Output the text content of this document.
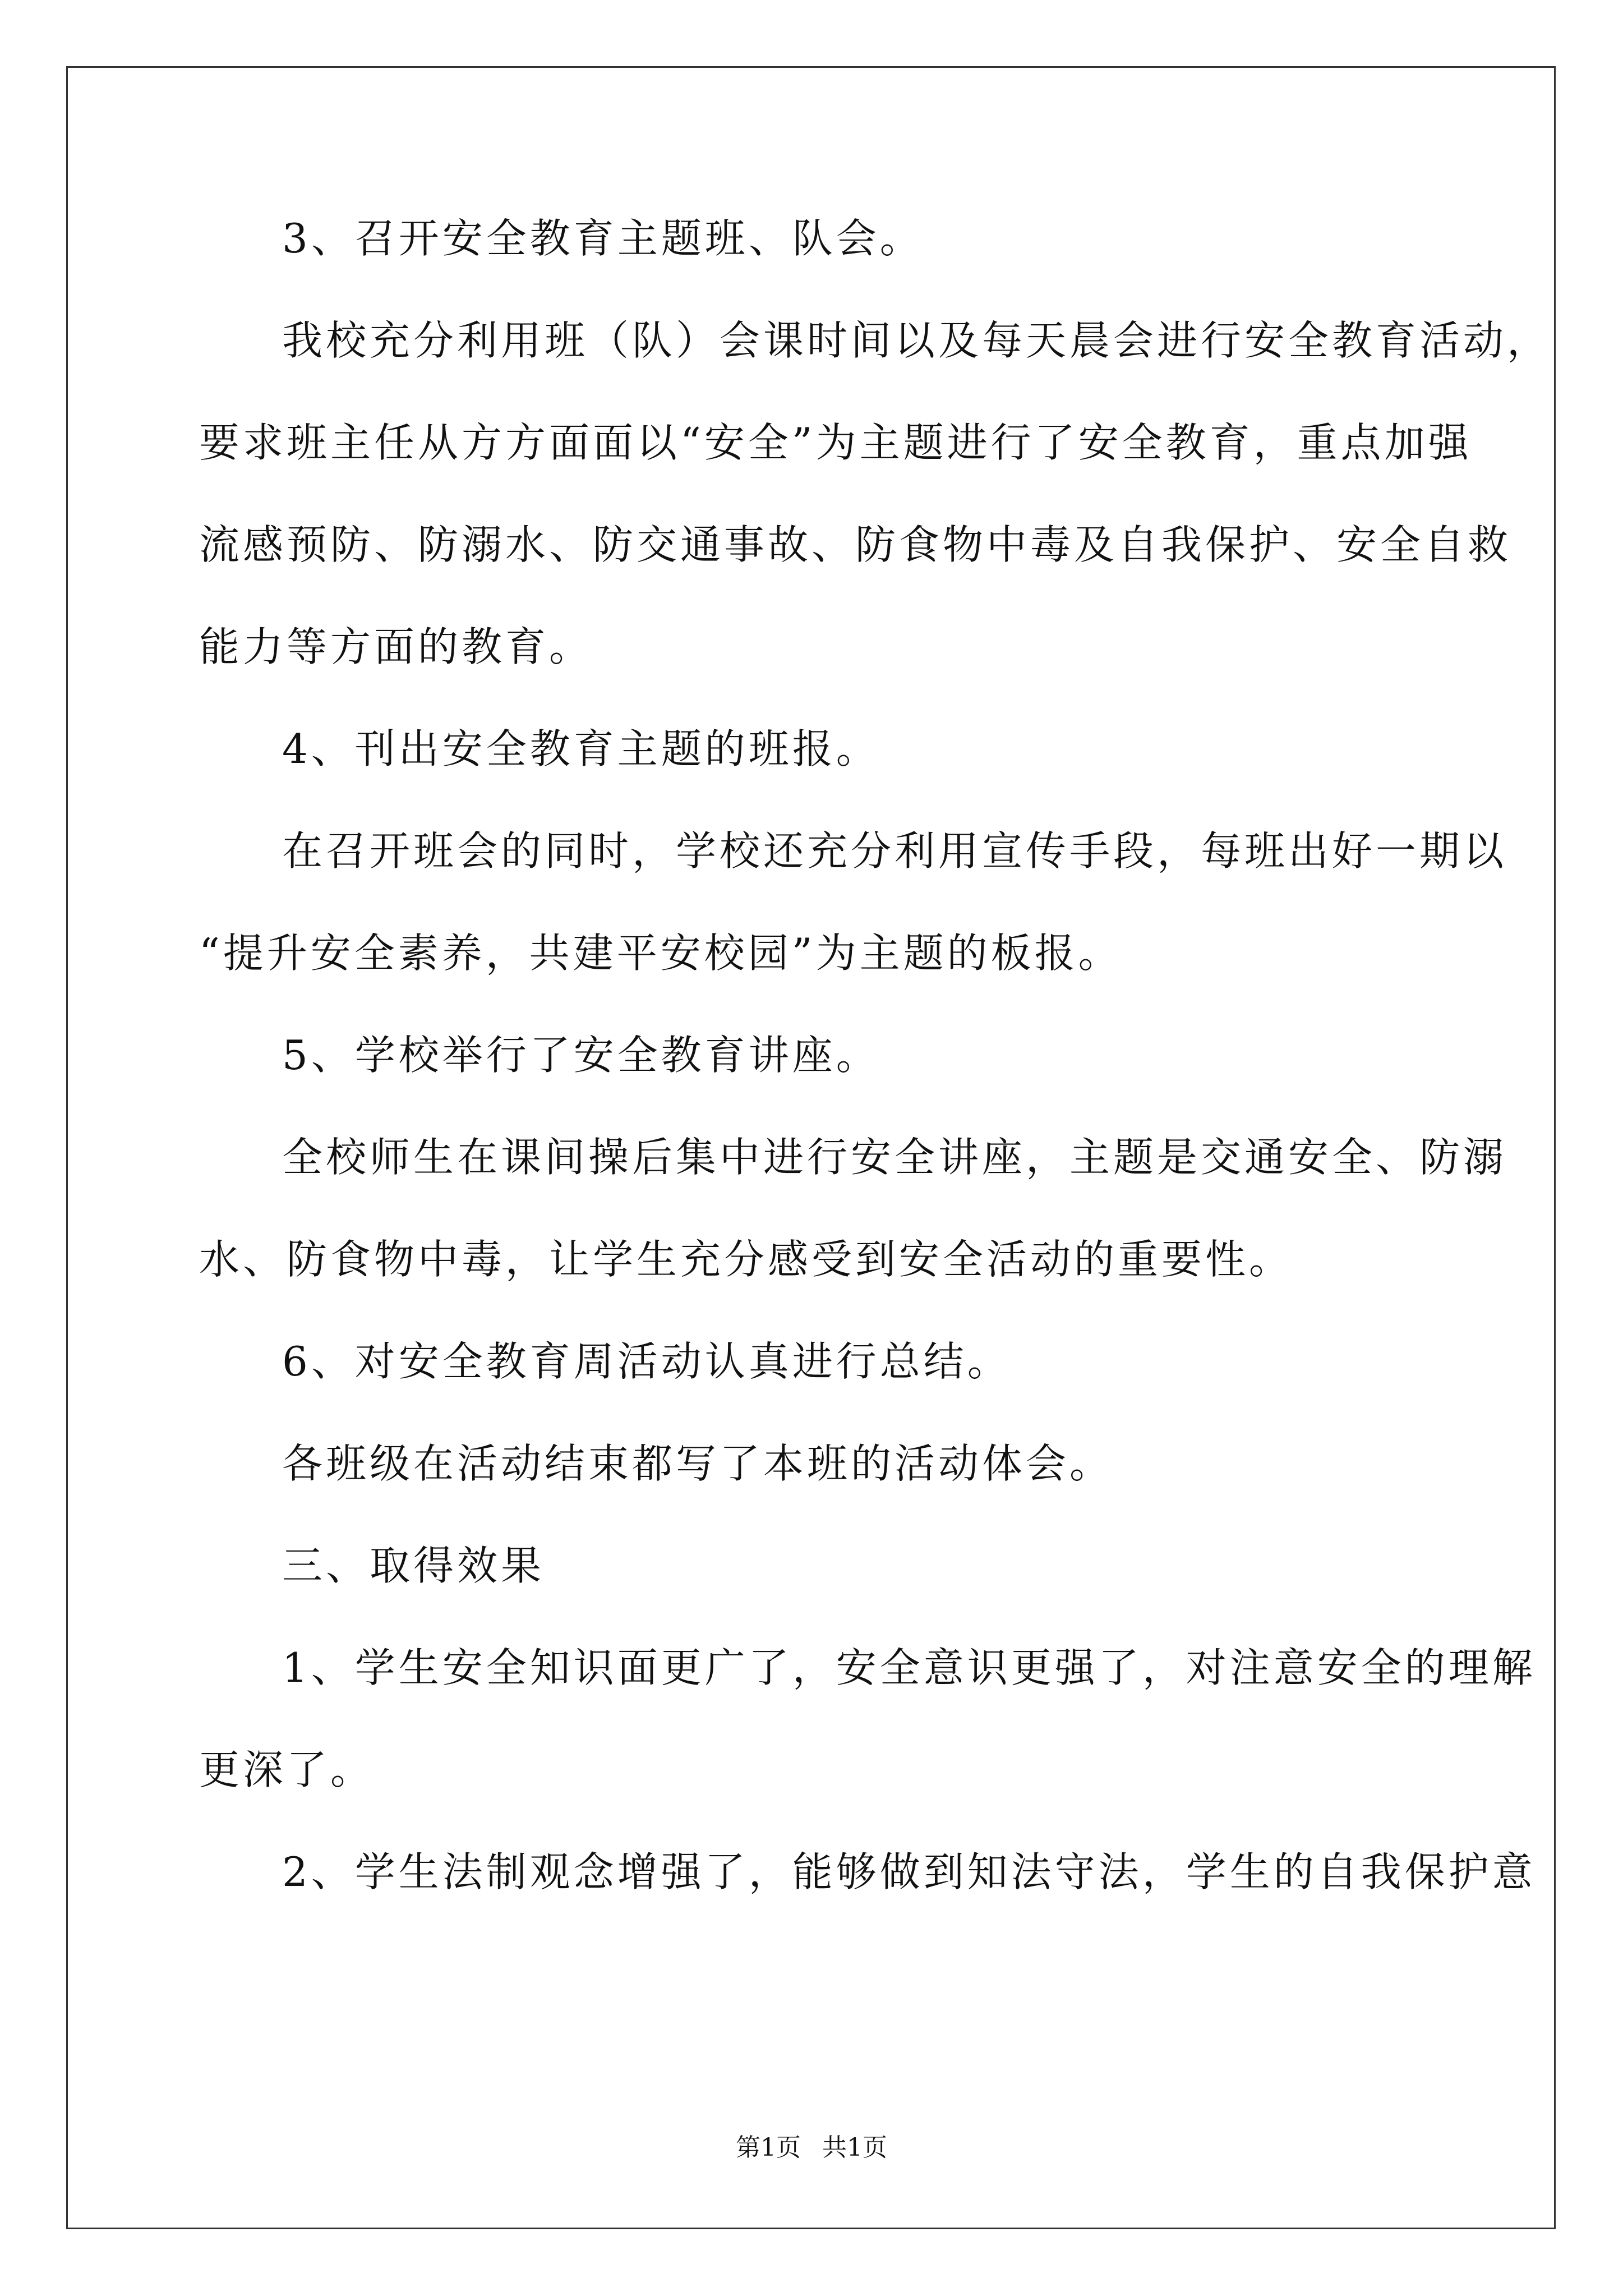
3、召开安全教育主题班、队会。
我校充分利用班（队）会课时间以及每天晨会进行安全教育活动，
要求班主任从方方面面以“安全”为主题进行了安全教育，重点加强
流感预防、防溺水、防交通事故、防食物中毒及自我保护、安全自救
能力等方面的教育。
4、刊出安全教育主题的班报。
在召开班会的同时，学校还充分利用宣传手段，每班出好一期以
“提升安全素养，共建平安校园”为主题的板报。
5、学校举行了安全教育讲座。
全校师生在课间操后集中进行安全讲座，主题是交通安全、防溺
水、防食物中毒，让学生充分感受到安全活动的重要性。
6、对安全教育周活动认真进行总结。
各班级在活动结束都写了本班的活动体会。
三、取得效果
1、学生安全知识面更广了，安全意识更强了，对注意安全的理解
更深了。
2、学生法制观念增强了，能够做到知法守法，学生的自我保护意
第1页 共1页
